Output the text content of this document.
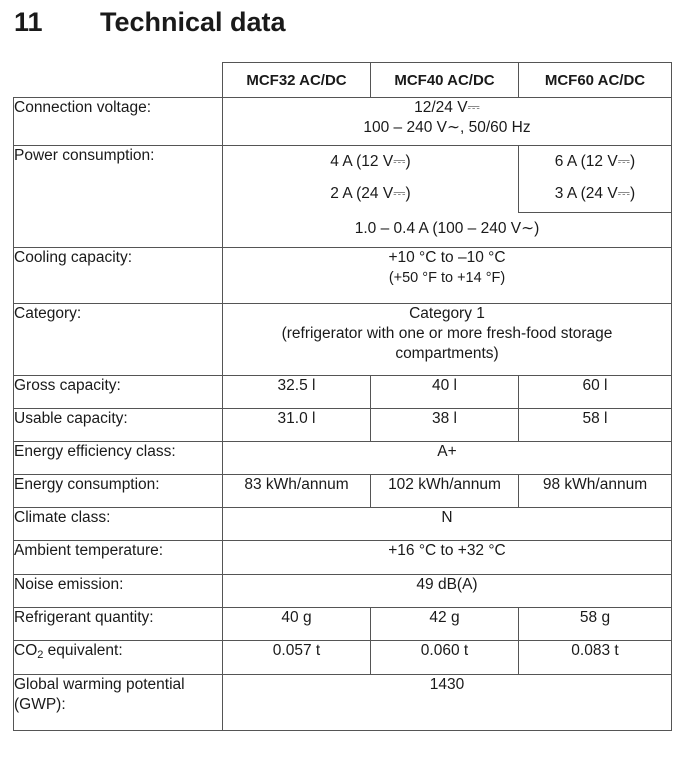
11	Technical data
	MCF32 AC/DC	MCF40 AC/DC	MCF60 AC/DC
Connection voltage:	12/24 V⎓
100 – 240 V∼, 50/60 Hz		

Power consumption:	4 A (12 V⎓)		6 A (12 V⎓)
	2 A (24 V⎓)		3 A (24 V⎓)
	1.0 – 0.4 A (100 – 240 V∼)		
Cooling capacity:	+10 °C to –10 °C
(+50 °F to +14 °F)		

Category:	Category 1
(refrigerator with one or more fresh-food storage
compartments)		

Gross capacity:	32.5 l	40 l	60 l
Usable capacity:	31.0 l	38 l	58 l
Energy efficiency class:	A+		
Energy consumption:	83 kWh/annum	102 kWh/annum	98 kWh/annum
Climate class:	N		
Ambient temperature:	+16 °C to +32 °C		
Noise emission:	49 dB(A)		
Refrigerant quantity:	40 g	42 g	58 g
$CO_2$ equivalent:	0.057 t	0.060 t	0.083 t

Global warming potential
(GWP):	1430		
